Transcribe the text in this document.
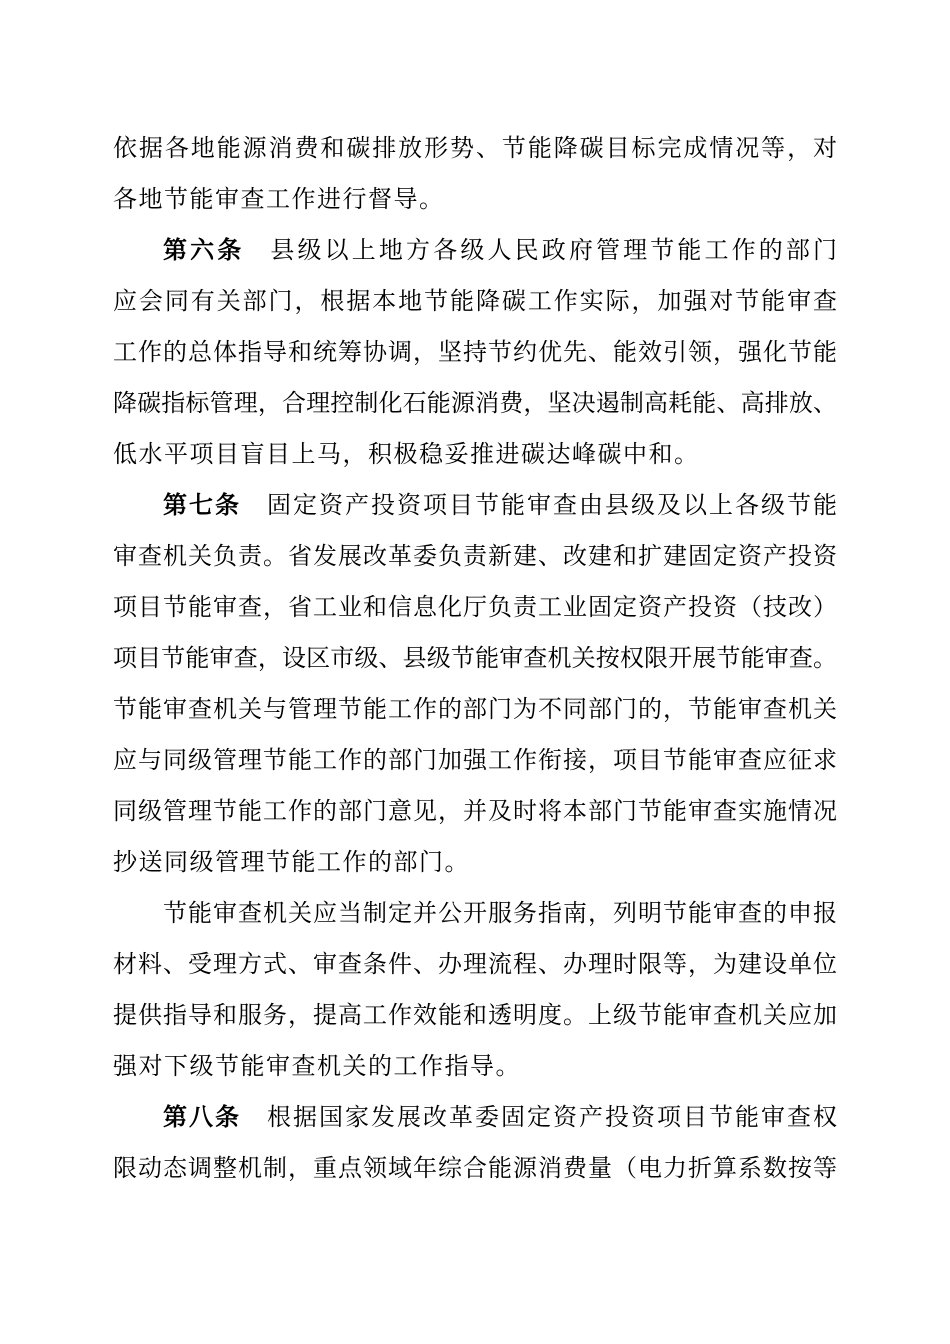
依据各地能源消费和碳排放形势、节能降碳目标完成情况等，对
各地节能审查工作进行督导。
第六条 县级以上地方各级人民政府管理节能工作的部门
应会同有关部门，根据本地节能降碳工作实际，加强对节能审查
工作的总体指导和统筹协调，坚持节约优先、能效引领，强化节能
降碳指标管理，合理控制化石能源消费，坚决遏制高耗能、高排放、
低水平项目盲目上马，积极稳妥推进碳达峰碳中和。
第七条 固定资产投资项目节能审查由县级及以上各级节能
审查机关负责。省发展改革委负责新建、改建和扩建固定资产投资
项目节能审查，省工业和信息化厅负责工业固定资产投资（技改）
项目节能审查，设区市级、县级节能审查机关按权限开展节能审查。
节能审查机关与管理节能工作的部门为不同部门的，节能审查机关
应与同级管理节能工作的部门加强工作衔接，项目节能审查应征求
同级管理节能工作的部门意见，并及时将本部门节能审查实施情况
抄送同级管理节能工作的部门。
节能审查机关应当制定并公开服务指南，列明节能审查的申报
材料、受理方式、审查条件、办理流程、办理时限等，为建设单位
提供指导和服务，提高工作效能和透明度。上级节能审查机关应加
强对下级节能审查机关的工作指导。
第八条 根据国家发展改革委固定资产投资项目节能审查权
限动态调整机制，重点领域年综合能源消费量（电力折算系数按等
